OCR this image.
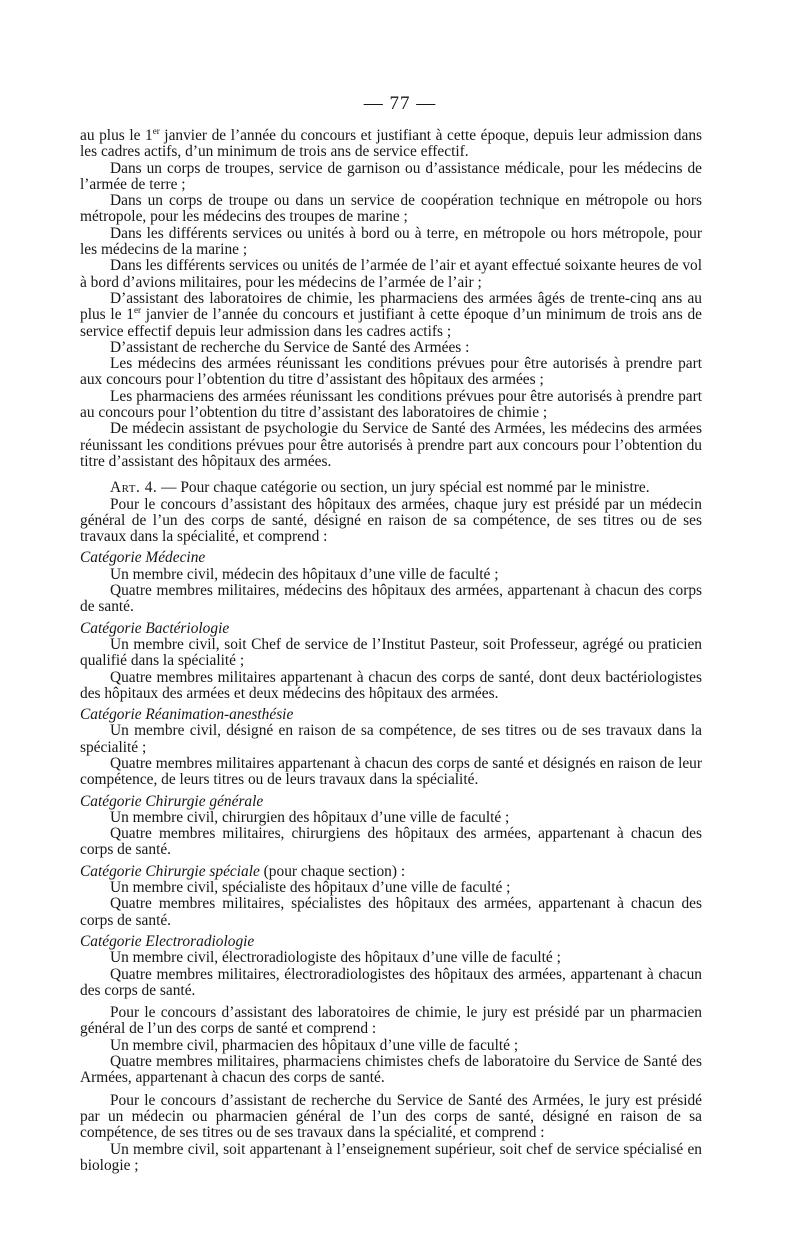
— 77 —

au plus le 1er janvier de l’année du concours et justifiant à cette époque, depuis leur admission dans les cadres actifs, d’un minimum de trois ans de service effectif.

Dans un corps de troupes, service de garnison ou d’assistance médicale, pour les médecins de l’armée de terre ;

Dans un corps de troupe ou dans un service de coopération technique en métropole ou hors métropole, pour les médecins des troupes de marine ;

Dans les différents services ou unités à bord ou à terre, en métropole ou hors métropole, pour les médecins de la marine ;

Dans les différents services ou unités de l’armée de l’air et ayant effectué soixante heures de vol à bord d’avions militaires, pour les médecins de l’armée de l’air ;

D’assistant des laboratoires de chimie, les pharmaciens des armées âgés de trente-cinq ans au plus le 1er janvier de l’année du concours et justifiant à cette époque d’un minimum de trois ans de service effectif depuis leur admission dans les cadres actifs ;

D’assistant de recherche du Service de Santé des Armées :

Les médecins des armées réunissant les conditions prévues pour être autorisés à prendre part aux concours pour l’obtention du titre d’assistant des hôpitaux des armées ;

Les pharmaciens des armées réunissant les conditions prévues pour être autorisés à prendre part au concours pour l’obtention du titre d’assistant des laboratoires de chimie ;

De médecin assistant de psychologie du Service de Santé des Armées, les médecins des armées réunissant les conditions prévues pour être autorisés à prendre part aux concours pour l’obtention du titre d’assistant des hôpitaux des armées.

Art. 4. — Pour chaque catégorie ou section, un jury spécial est nommé par le ministre.

Pour le concours d’assistant des hôpitaux des armées, chaque jury est présidé par un médecin général de l’un des corps de santé, désigné en raison de sa compétence, de ses titres ou de ses travaux dans la spécialité, et comprend :

Catégorie Médecine

Un membre civil, médecin des hôpitaux d’une ville de faculté ;

Quatre membres militaires, médecins des hôpitaux des armées, appartenant à chacun des corps de santé.

Catégorie Bactériologie

Un membre civil, soit Chef de service de l’Institut Pasteur, soit Professeur, agrégé ou praticien qualifié dans la spécialité ;

Quatre membres militaires appartenant à chacun des corps de santé, dont deux bactériologistes des hôpitaux des armées et deux médecins des hôpitaux des armées.

Catégorie Réanimation-anesthésie

Un membre civil, désigné en raison de sa compétence, de ses titres ou de ses travaux dans la spécialité ;

Quatre membres militaires appartenant à chacun des corps de santé et désignés en raison de leur compétence, de leurs titres ou de leurs travaux dans la spécialité.

Catégorie Chirurgie générale

Un membre civil, chirurgien des hôpitaux d’une ville de faculté ;

Quatre membres militaires, chirurgiens des hôpitaux des armées, appartenant à chacun des corps de santé.

Catégorie Chirurgie spéciale (pour chaque section) :

Un membre civil, spécialiste des hôpitaux d’une ville de faculté ;

Quatre membres militaires, spécialistes des hôpitaux des armées, appartenant à chacun des corps de santé.

Catégorie Electroradiologie

Un membre civil, électroradiologiste des hôpitaux d’une ville de faculté ;

Quatre membres militaires, électroradiologistes des hôpitaux des armées, appartenant à chacun des corps de santé.

Pour le concours d’assistant des laboratoires de chimie, le jury est présidé par un pharmacien général de l’un des corps de santé et comprend :

Un membre civil, pharmacien des hôpitaux d’une ville de faculté ;

Quatre membres militaires, pharmaciens chimistes chefs de laboratoire du Service de Santé des Armées, appartenant à chacun des corps de santé.

Pour le concours d’assistant de recherche du Service de Santé des Armées, le jury est présidé par un médecin ou pharmacien général de l’un des corps de santé, désigné en raison de sa compétence, de ses titres ou de ses travaux dans la spécialité, et comprend :

Un membre civil, soit appartenant à l’enseignement supérieur, soit chef de service spécialisé en biologie ;
